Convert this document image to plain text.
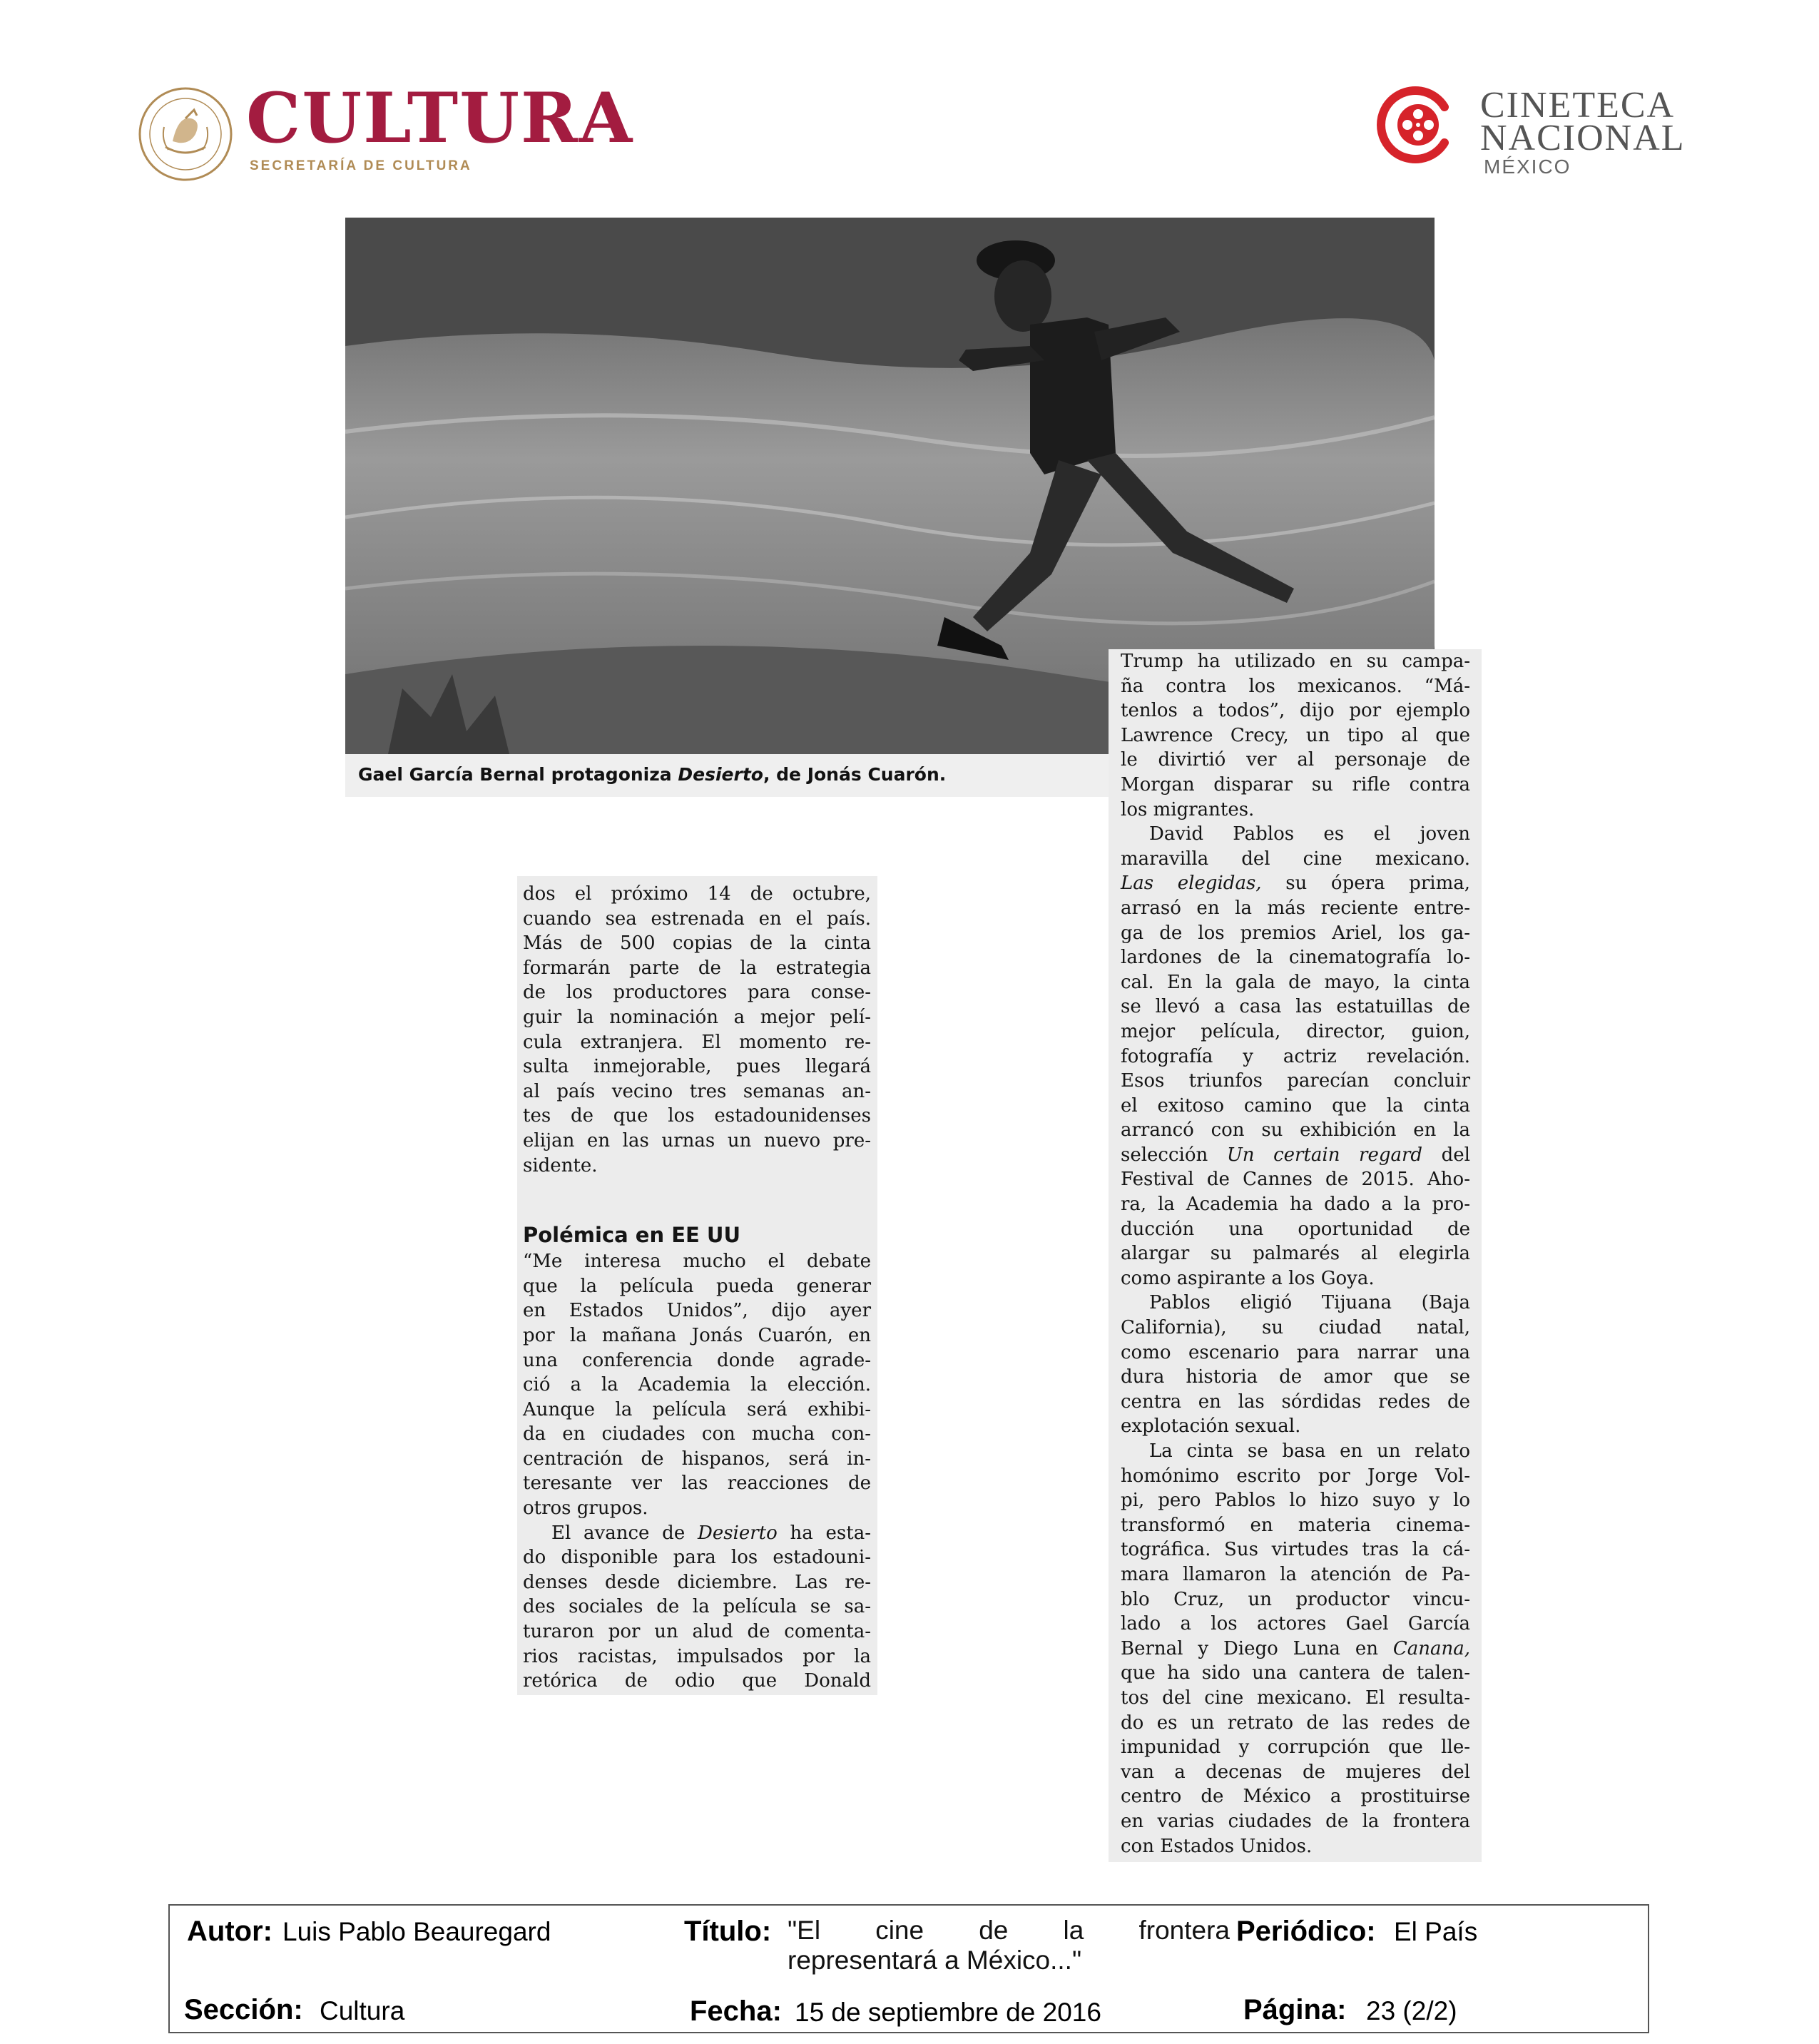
CULTURA
SECRETARÍA DE CULTURA
CINETECA
NACIONAL
MÉXICO
Gael García Bernal protagoniza Desierto, de Jonás Cuarón.
dos el próximo 14 de octubre,
cuando sea estrenada en el país.
Más de 500 copias de la cinta
formarán parte de la estrategia
de los productores para conse-
guir la nominación a mejor pelí-
cula extranjera. El momento re-
sulta inmejorable, pues llegará
al país vecino tres semanas an-
tes de que los estadounidenses
elijan en las urnas un nuevo pre-
sidente.
Polémica en EE UU
“Me interesa mucho el debate
que la película pueda generar
en Estados Unidos”, dijo ayer
por la mañana Jonás Cuarón, en
una conferencia donde agrade-
ció a la Academia la elección.
Aunque la película será exhibi-
da en ciudades con mucha con-
centración de hispanos, será in-
teresante ver las reacciones de
otros grupos.
El avance de Desierto ha esta-
do disponible para los estadouni-
denses desde diciembre. Las re-
des sociales de la película se sa-
turaron por un alud de comenta-
rios racistas, impulsados por la
retórica de odio que Donald
Trump ha utilizado en su campa-
ña contra los mexicanos. “Má-
tenlos a todos”, dijo por ejemplo
Lawrence Crecy, un tipo al que
le divirtió ver al personaje de
Morgan disparar su rifle contra
los migrantes.
David Pablos es el joven
maravilla del cine mexicano.
Las elegidas, su ópera prima,
arrasó en la más reciente entre-
ga de los premios Ariel, los ga-
lardones de la cinematografía lo-
cal. En la gala de mayo, la cinta
se llevó a casa las estatuillas de
mejor película, director, guion,
fotografía y actriz revelación.
Esos triunfos parecían concluir
el exitoso camino que la cinta
arrancó con su exhibición en la
selección Un certain regard del
Festival de Cannes de 2015. Aho-
ra, la Academia ha dado a la pro-
ducción una oportunidad de
alargar su palmarés al elegirla
como aspirante a los Goya.
Pablos eligió Tijuana (Baja
California), su ciudad natal,
como escenario para narrar una
dura historia de amor que se
centra en las sórdidas redes de
explotación sexual.
La cinta se basa en un relato
homónimo escrito por Jorge Vol-
pi, pero Pablos lo hizo suyo y lo
transformó en materia cinema-
tográfica. Sus virtudes tras la cá-
mara llamaron la atención de Pa-
blo Cruz, un productor vincu-
lado a los actores Gael García
Bernal y Diego Luna en Canana,
que ha sido una cantera de talen-
tos del cine mexicano. El resulta-
do es un retrato de las redes de
impunidad y corrupción que lle-
van a decenas de mujeres del
centro de México a prostituirse
en varias ciudades de la frontera
con Estados Unidos.
Autor: Luis Pablo Beauregard	Título: "El cine de la frontera
representará a México..."
Periódico: El País
Sección: Cultura	Fecha: 15 de septiembre de 2016	Página: 23 (2/2)
